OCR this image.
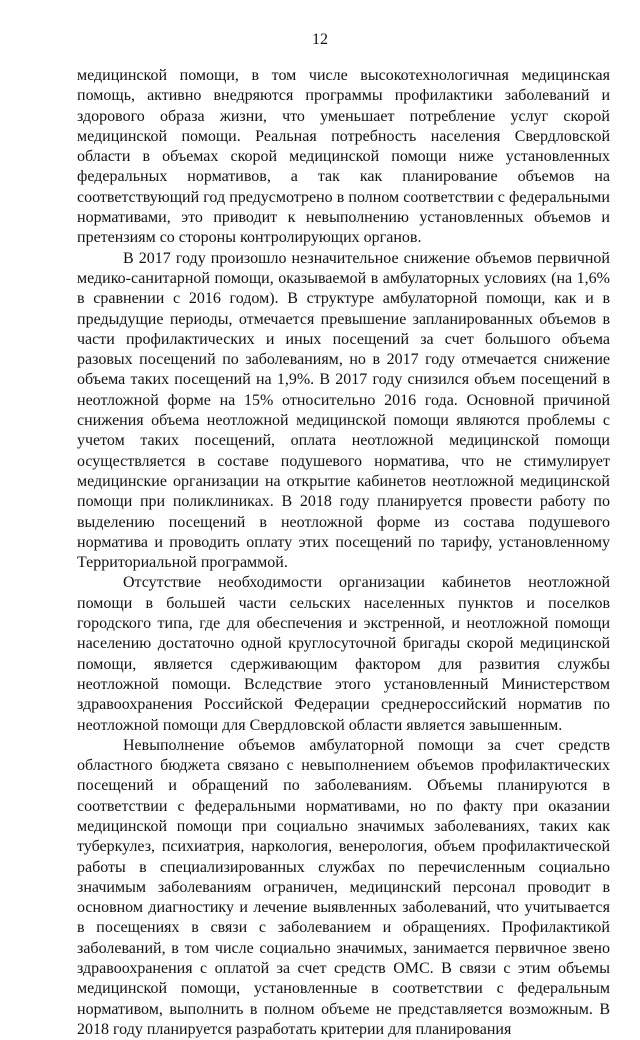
12

медицинской помощи, в том числе высокотехнологичная медицинская помощь, активно внедряются программы профилактики заболеваний и здорового образа жизни, что уменьшает потребление услуг скорой медицинской помощи. Реальная потребность населения Свердловской области в объемах скорой медицинской помощи ниже установленных федеральных нормативов, а так как планирование объемов на соответствующий год предусмотрено в полном соответствии с федеральными нормативами, это приводит к невыполнению установленных объемов и претензиям со стороны контролирующих органов.

В 2017 году произошло незначительное снижение объемов первичной медико-санитарной помощи, оказываемой в амбулаторных условиях (на 1,6% в сравнении с 2016 годом). В структуре амбулаторной помощи, как и в предыдущие периоды, отмечается превышение запланированных объемов в части профилактических и иных посещений за счет большого объема разовых посещений по заболеваниям, но в 2017 году отмечается снижение объема таких посещений на 1,9%. В 2017 году снизился объем посещений в неотложной форме на 15% относительно 2016 года. Основной причиной снижения объема неотложной медицинской помощи являются проблемы с учетом таких посещений, оплата неотложной медицинской помощи осуществляется в составе подушевого норматива, что не стимулирует медицинские организации на открытие кабинетов неотложной медицинской помощи при поликлиниках. В 2018 году планируется провести работу по выделению посещений в неотложной форме из состава подушевого норматива и проводить оплату этих посещений по тарифу, установленному Территориальной программой.

Отсутствие необходимости организации кабинетов неотложной помощи в большей части сельских населенных пунктов и поселков городского типа, где для обеспечения и экстренной, и неотложной помощи населению достаточно одной круглосуточной бригады скорой медицинской помощи, является сдерживающим фактором для развития службы неотложной помощи. Вследствие этого установленный Министерством здравоохранения Российской Федерации среднероссийский норматив по неотложной помощи для Свердловской области является завышенным.

Невыполнение объемов амбулаторной помощи за счет средств областного бюджета связано с невыполнением объемов профилактических посещений и обращений по заболеваниям. Объемы планируются в соответствии с федеральными нормативами, но по факту при оказании медицинской помощи при социально значимых заболеваниях, таких как туберкулез, психиатрия, наркология, венерология, объем профилактической работы в специализированных службах по перечисленным социально значимым заболеваниям ограничен, медицинский персонал проводит в основном диагностику и лечение выявленных заболеваний, что учитывается в посещениях в связи с заболеванием и обращениях. Профилактикой заболеваний, в том числе социально значимых, занимается первичное звено здравоохранения с оплатой за счет средств ОМС. В связи с этим объемы медицинской помощи, установленные в соответствии с федеральным нормативом, выполнить в полном объеме не представляется возможным. В 2018 году планируется разработать критерии для планирования
